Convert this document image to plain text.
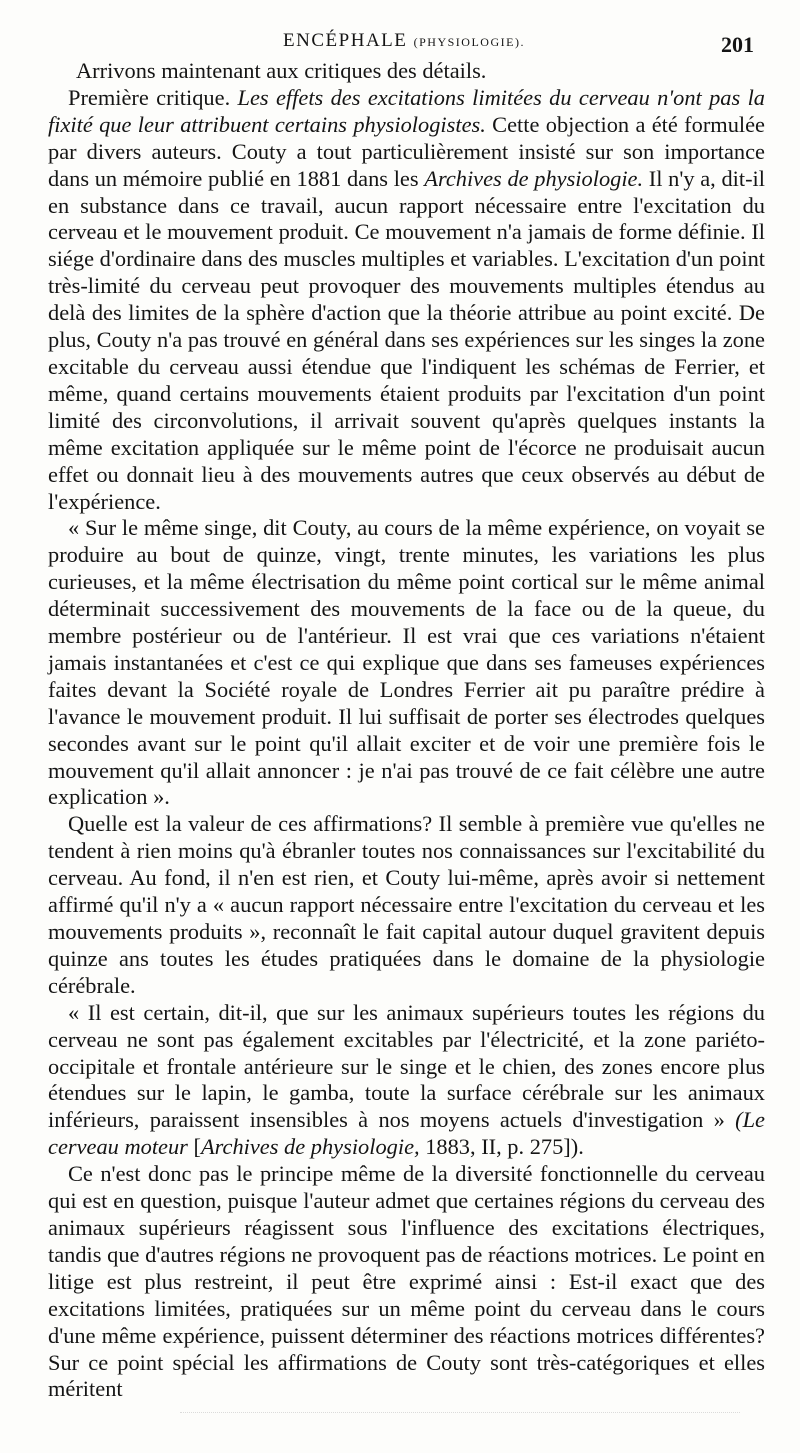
ENCÉPHALE (PHYSIOLOGIE).	201

Arrivons maintenant aux critiques des détails.

Première critique. Les effets des excitations limitées du cerveau n'ont pas la fixité que leur attribuent certains physiologistes. Cette objection a été formulée par divers auteurs. Couty a tout particulièrement insisté sur son importance dans un mémoire publié en 1881 dans les Archives de physiologie. Il n'y a, dit-il en substance dans ce travail, aucun rapport nécessaire entre l'excitation du cerveau et le mouvement produit. Ce mouvement n'a jamais de forme définie. Il siége d'ordinaire dans des muscles multiples et variables. L'excitation d'un point très-limité du cerveau peut provoquer des mouvements multiples étendus au delà des limites de la sphère d'action que la théorie attribue au point excité. De plus, Couty n'a pas trouvé en général dans ses expériences sur les singes la zone excitable du cerveau aussi étendue que l'indiquent les schémas de Ferrier, et même, quand certains mouvements étaient produits par l'excitation d'un point limité des circonvolutions, il arrivait souvent qu'après quelques instants la même excitation appliquée sur le même point de l'écorce ne produisait aucun effet ou donnait lieu à des mouvements autres que ceux observés au début de l'expérience.

« Sur le même singe, dit Couty, au cours de la même expérience, on voyait se produire au bout de quinze, vingt, trente minutes, les variations les plus curieuses, et la même électrisation du même point cortical sur le même animal déterminait successivement des mouvements de la face ou de la queue, du membre postérieur ou de l'antérieur. Il est vrai que ces variations n'étaient jamais instantanées et c'est ce qui explique que dans ses fameuses expériences faites devant la Société royale de Londres Ferrier ait pu paraître prédire à l'avance le mouvement produit. Il lui suffisait de porter ses électrodes quelques secondes avant sur le point qu'il allait exciter et de voir une première fois le mouvement qu'il allait annoncer : je n'ai pas trouvé de ce fait célèbre une autre explication ».

Quelle est la valeur de ces affirmations? Il semble à première vue qu'elles ne tendent à rien moins qu'à ébranler toutes nos connaissances sur l'excitabilité du cerveau. Au fond, il n'en est rien, et Couty lui-même, après avoir si nettement affirmé qu'il n'y a « aucun rapport nécessaire entre l'excitation du cerveau et les mouvements produits », reconnaît le fait capital autour duquel gravitent depuis quinze ans toutes les études pratiquées dans le domaine de la physiologie cérébrale.

« Il est certain, dit-il, que sur les animaux supérieurs toutes les régions du cerveau ne sont pas également excitables par l'électricité, et la zone pariéto-occipitale et frontale antérieure sur le singe et le chien, des zones encore plus étendues sur le lapin, le gamba, toute la surface cérébrale sur les animaux inférieurs, paraissent insensibles à nos moyens actuels d'investigation » (Le cerveau moteur [Archives de physiologie, 1883, II, p. 275]).

Ce n'est donc pas le principe même de la diversité fonctionnelle du cerveau qui est en question, puisque l'auteur admet que certaines régions du cerveau des animaux supérieurs réagissent sous l'influence des excitations électriques, tandis que d'autres régions ne provoquent pas de réactions motrices. Le point en litige est plus restreint, il peut être exprimé ainsi : Est-il exact que des excitations limitées, pratiquées sur un même point du cerveau dans le cours d'une même expérience, puissent déterminer des réactions motrices différentes? Sur ce point spécial les affirmations de Couty sont très-catégoriques et elles méritent
